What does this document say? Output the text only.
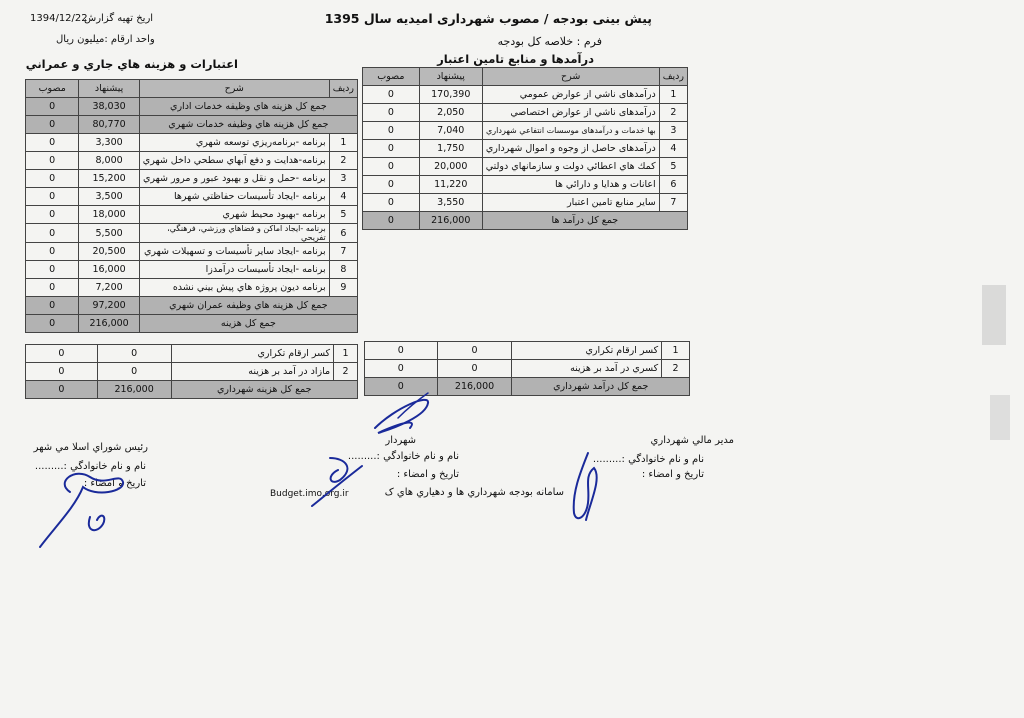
پیش بینی بودجه / مصوب شهرداری امیدیه سال 1395
فرم : خلاصه کل بودجه
1394/12/22
اریخ تهیه گزارش
واحد ارقام :میلیون ریال
درآمدها و منابع تامین اعتبار
اعتبارات و هزینه هاي جاري و عمراني
ردیف	شرح	پیشنهاد	مصوب
1	درآمدهای ناشي از عوارض عمومي	170,390	0
2	درآمدهای ناشي از عوارض اختصاصي	2,050	0
3	بها خدمات و درآمدهای موسسات انتفاعي شهرداري	7,040	0
4	درآمدهای حاصل از وجوه و اموال شهرداري	1,750	0
5	کمك هاي اعطائي دولت و سازمانهاي دولتي	20,000	0
6	اعانات و هدایا و دارائي ها	11,220	0
7	سایر منابع تامین اعتبار	3,550	0
جمع کل درآمد ها		216,000	0
ردیف	شرح	پیشنهاد	مصوب
جمع کل هزینه هاي وظیفه خدمات اداري		38,030	0
جمع کل هزینه هاي وظیفه خدمات شهري		80,770	0
1	برنامه -برنامه‌ریزي توسعه شهري	3,300	0
2	برنامه-هدایت و دفع آبهاي سطحي داخل شهري	8,000	0
3	برنامه -حمل و نقل و بهبود عبور و مرور شهري	15,200	0
4	برنامه -ایجاد تأسیسات حفاظتي شهرها	3,500	0
5	برنامه -بهبود محیط شهري	18,000	0
6	برنامه -ایجاد اماکن و فضاهاي ورزشي، فرهنگي، تفریحي	5,500	0
7	برنامه -ایجاد سایر تأسیسات و تسهیلات شهري	20,500	0
8	برنامه -ایجاد تأسیسات درآمدزا	16,000	0
9	برنامه دیون پروژه هاي پیش بیني نشده	7,200	0
جمع کل هزینه هاي وظیفه عمران شهري		97,200	0
جمع کل هزینه		216,000	0
1	کسر ارقام تکراري	0	0
2	کسري در آمد بر هزینه	0	0
جمع کل درآمد شهرداري		216,000	0
1	کسر ارقام تکراري	0	0
2	مازاد در آمد بر هزینه	0	0
جمع کل هزینه شهرداري		216,000	0
مدیر مالي شهرداري
نام و نام خانوادگي :.........
تاریخ و امضاء :
شهردار
نام و نام خانوادگي :.........
تاریخ و امضاء :
رئیس شوراي اسلا مي شهر
نام و نام خانوادگي :.........
تاریخ و امضاء :
سامانه بودجه شهرداري ها و دهیاري هاي ک
Budget.imo.org.ir
